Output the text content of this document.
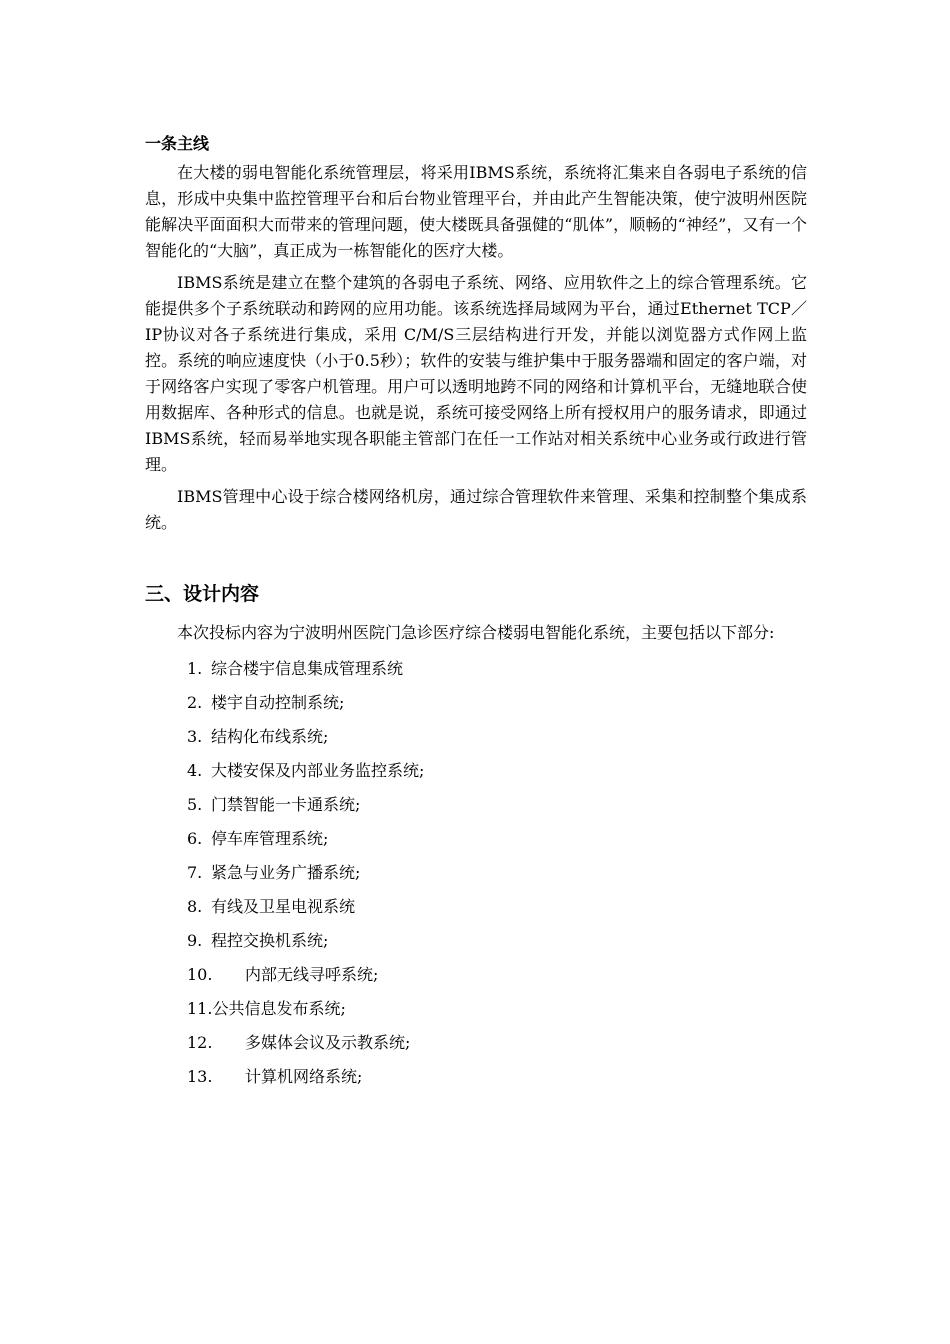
一条主线

在大楼的弱电智能化系统管理层，将采用IBMS系统，系统将汇集来自各弱电子系统的信息，形成中央集中监控管理平台和后台物业管理平台，并由此产生智能决策，使宁波明州医院能解决平面面积大而带来的管理问题，使大楼既具备强健的“肌体”，顺畅的“神经”，又有一个智能化的“大脑”，真正成为一栋智能化的医疗大楼。

IBMS系统是建立在整个建筑的各弱电子系统、网络、应用软件之上的综合管理系统。它能提供多个子系统联动和跨网的应用功能。该系统选择局域网为平台，通过Ethernet TCP／IP协议对各子系统进行集成，采用 C/M/S三层结构进行开发，并能以浏览器方式作网上监控。系统的响应速度快（小于0.5秒）；软件的安装与维护集中于服务器端和固定的客户端，对于网络客户实现了零客户机管理。用户可以透明地跨不同的网络和计算机平台，无缝地联合使用数据库、各种形式的信息。也就是说，系统可接受网络上所有授权用户的服务请求，即通过IBMS系统，轻而易举地实现各职能主管部门在任一工作站对相关系统中心业务或行政进行管理。

IBMS管理中心设于综合楼网络机房，通过综合管理软件来管理、采集和控制整个集成系统。

三、设计内容

本次投标内容为宁波明州医院门急诊医疗综合楼弱电智能化系统，主要包括以下部分:

1. 综合楼宇信息集成管理系统
2. 楼宇自动控制系统;
3. 结构化布线系统;
4. 大楼安保及内部业务监控系统;
5. 门禁智能一卡通系统;
6. 停车库管理系统;
7. 紧急与业务广播系统;
8. 有线及卫星电视系统
9. 程控交换机系统;
10. 内部无线寻呼系统;
11.公共信息发布系统;
12. 多媒体会议及示教系统;
13. 计算机网络系统;
